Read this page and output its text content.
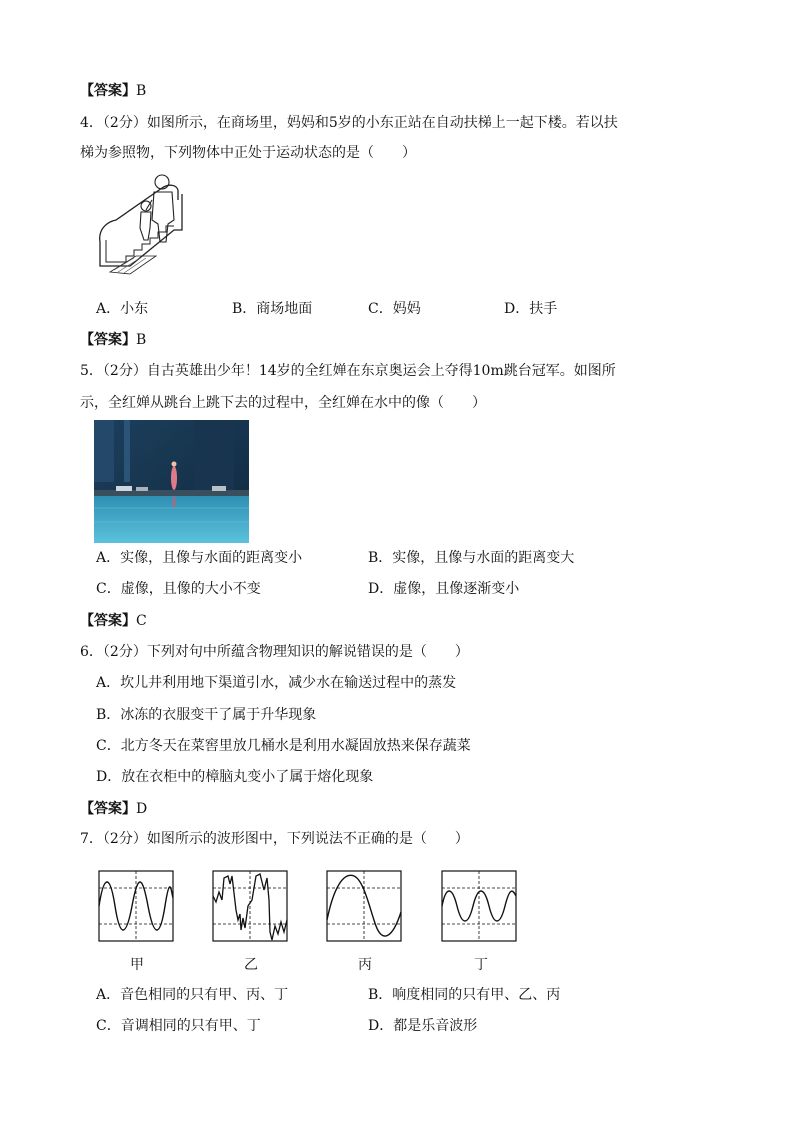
【答案】B
4．（2分）如图所示，在商场里，妈妈和5岁的小东正站在自动扶梯上一起下楼。若以扶
梯为参照物，下列物体中正处于运动状态的是（　　）
A．小东	B．商场地面	C．妈妈	D．扶手
【答案】B
5．（2分）自古英雄出少年！14岁的全红婵在东京奥运会上夺得10m跳台冠军。如图所
示，全红婵从跳台上跳下去的过程中，全红婵在水中的像（　　）
A．实像，且像与水面的距离变小	B．实像，且像与水面的距离变大
C．虚像，且像的大小不变	D．虚像，且像逐渐变小
【答案】C
6．（2分）下列对句中所蕴含物理知识的解说错误的是（　　）
A．坎儿井利用地下渠道引水，减少水在输送过程中的蒸发
B．冰冻的衣服变干了属于升华现象
C．北方冬天在菜窖里放几桶水是利用水凝固放热来保存蔬菜
D．放在衣柜中的樟脑丸变小了属于熔化现象
【答案】D
7．（2分）如图所示的波形图中，下列说法不正确的是（　　）
甲	乙	丙	丁
A．音色相同的只有甲、丙、丁	B．响度相同的只有甲、乙、丙
C．音调相同的只有甲、丁	D．都是乐音波形
